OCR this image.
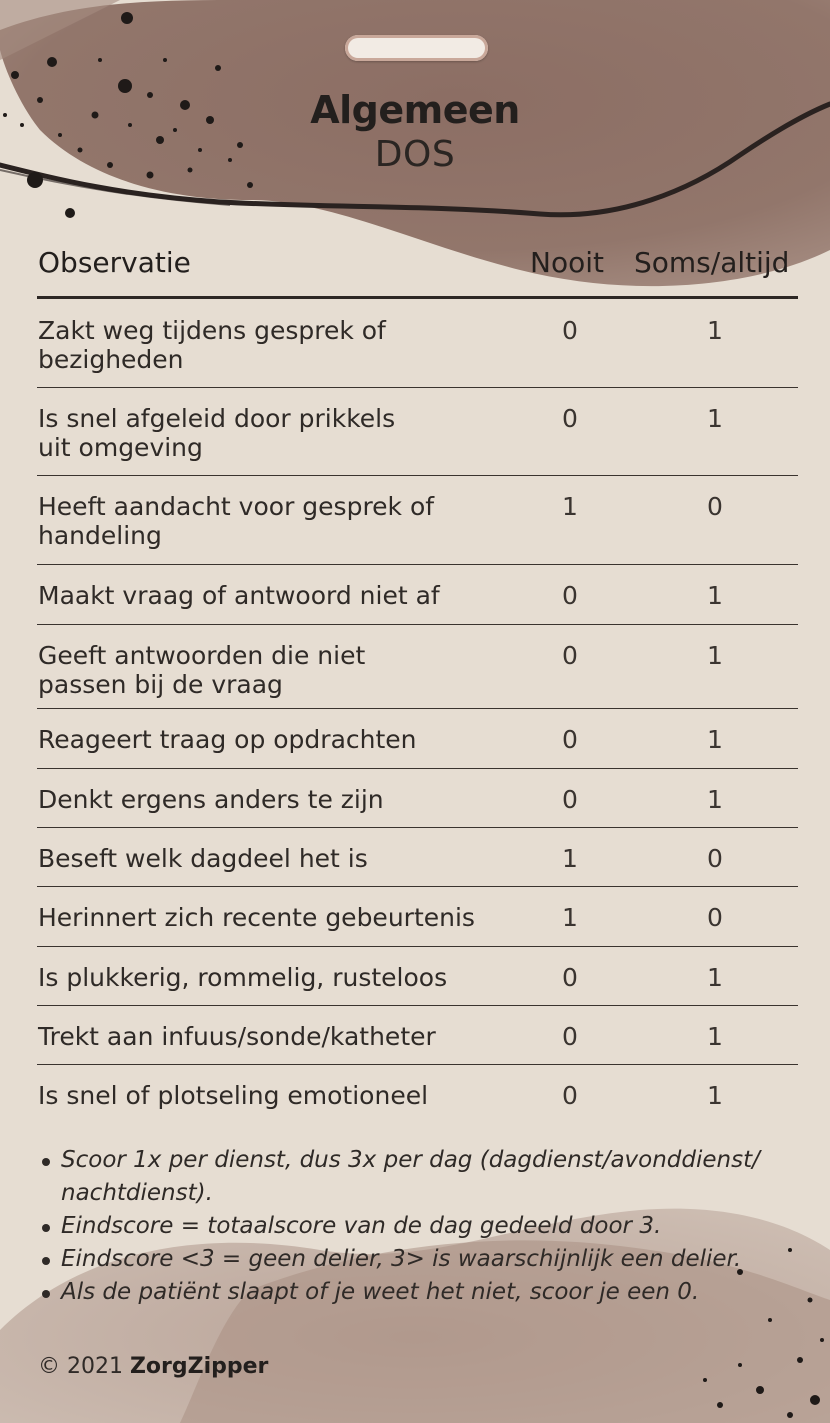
Algemeen
DOS
Observatie	Nooit Soms/altijd
Zakt weg tijdens gesprek of
bezigheden
0	1
Is snel afgeleid door prikkels
uit omgeving
0	1
Heeft aandacht voor gesprek of
handeling
1	0
Maakt vraag of antwoord niet af	0	1
Geeft antwoorden die niet
passen bij de vraag
0	1
Reageert traag op opdrachten	0	1
Denkt ergens anders te zijn	0	1
Beseft welk dagdeel het is	1	0
Herinnert zich recente gebeurtenis	1	0
Is plukkerig, rommelig, rusteloos	0	1
Trekt aan infuus/sonde/katheter	0	1
Is snel of plotseling emotioneel	0	1
Scoor 1x per dienst, dus 3x per dag (dagdienst/avonddienst/
nachtdienst).
Eindscore = totaalscore van de dag gedeeld door 3.
Eindscore <3 = geen delier, 3> is waarschijnlijk een delier.
Als de patiënt slaapt of je weet het niet, scoor je een 0.
© 2021 ZorgZipper
